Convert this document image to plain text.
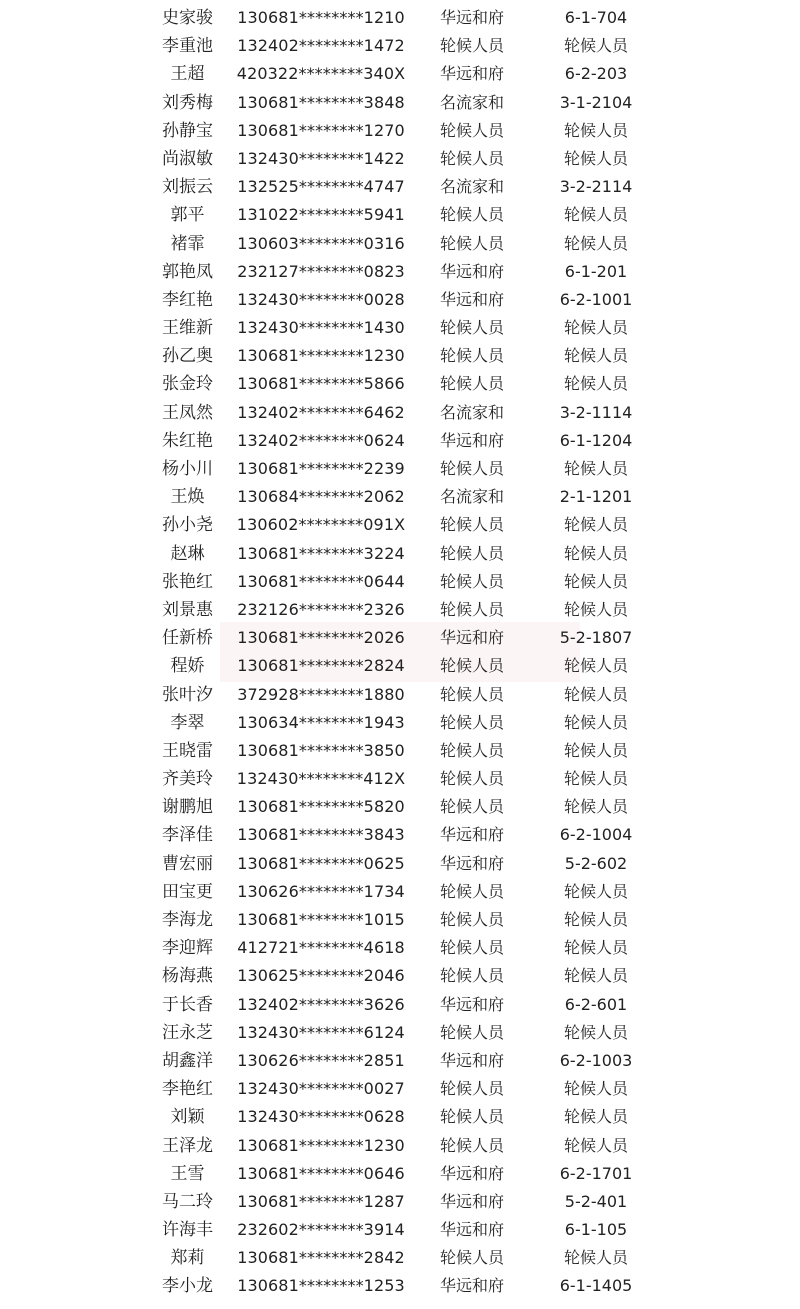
史家骏	130681********1210	华远和府	6-1-704
李重池	132402********1472	轮候人员	轮候人员
王超	420322********340X	华远和府	6-2-203
刘秀梅	130681********3848	名流家和	3-1-2104
孙静宝	130681********1270	轮候人员	轮候人员
尚淑敏	132430********1422	轮候人员	轮候人员
刘振云	132525********4747	名流家和	3-2-2114
郭平	131022********5941	轮候人员	轮候人员
褚霏	130603********0316	轮候人员	轮候人员
郭艳凤	232127********0823	华远和府	6-1-201
李红艳	132430********0028	华远和府	6-2-1001
王维新	132430********1430	轮候人员	轮候人员
孙乙奥	130681********1230	轮候人员	轮候人员
张金玲	130681********5866	轮候人员	轮候人员
王凤然	132402********6462	名流家和	3-2-1114
朱红艳	132402********0624	华远和府	6-1-1204
杨小川	130681********2239	轮候人员	轮候人员
王焕	130684********2062	名流家和	2-1-1201
孙小尧	130602********091X	轮候人员	轮候人员
赵琳	130681********3224	轮候人员	轮候人员
张艳红	130681********0644	轮候人员	轮候人员
刘景惠	232126********2326	轮候人员	轮候人员
任新桥	130681********2026	华远和府	5-2-1807
程娇	130681********2824	轮候人员	轮候人员
张叶汐	372928********1880	轮候人员	轮候人员
李翠	130634********1943	轮候人员	轮候人员
王晓雷	130681********3850	轮候人员	轮候人员
齐美玲	132430********412X	轮候人员	轮候人员
谢鹏旭	130681********5820	轮候人员	轮候人员
李泽佳	130681********3843	华远和府	6-2-1004
曹宏丽	130681********0625	华远和府	5-2-602
田宝更	130626********1734	轮候人员	轮候人员
李海龙	130681********1015	轮候人员	轮候人员
李迎辉	412721********4618	轮候人员	轮候人员
杨海燕	130625********2046	轮候人员	轮候人员
于长香	132402********3626	华远和府	6-2-601
汪永芝	132430********6124	轮候人员	轮候人员
胡鑫洋	130626********2851	华远和府	6-2-1003
李艳红	132430********0027	轮候人员	轮候人员
刘颖	132430********0628	轮候人员	轮候人员
王泽龙	130681********1230	轮候人员	轮候人员
王雪	130681********0646	华远和府	6-2-1701
马二玲	130681********1287	华远和府	5-2-401
许海丰	232602********3914	华远和府	6-1-105
郑莉	130681********2842	轮候人员	轮候人员
李小龙	130681********1253	华远和府	6-1-1405
